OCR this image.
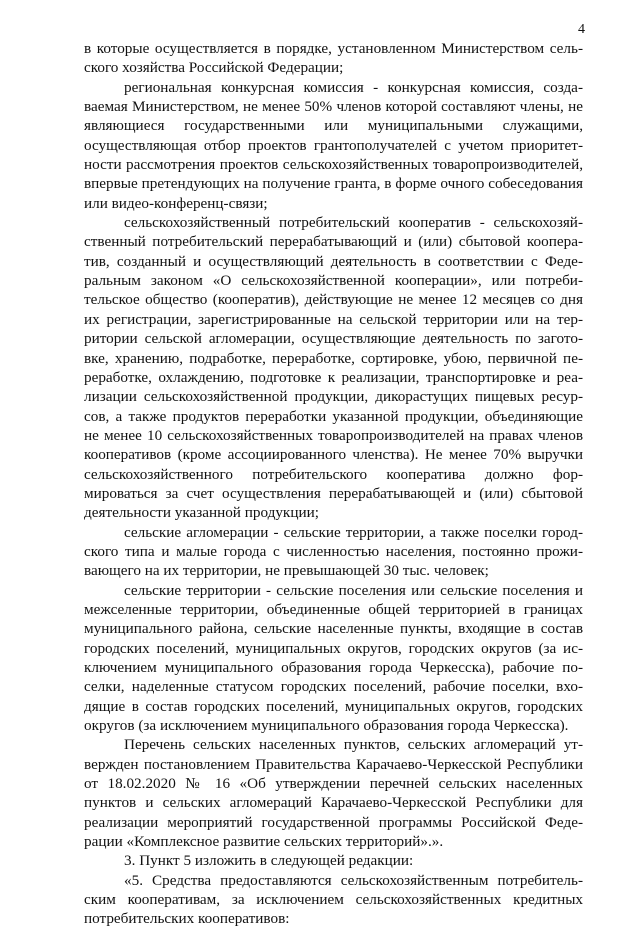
4

в которые осуществляется в порядке, установленном Министерством сельского хозяйства Российской Федерации;

региональная конкурсная комиссия - конкурсная комиссия, создаваемая Министерством, не менее 50% членов которой составляют члены, не являющиеся государственными или муниципальными служащими, осуществляющая отбор проектов грантополучателей с учетом приоритетности рассмотрения проектов сельскохозяйственных товаропроизводителей, впервые претендующих на получение гранта, в форме очного собеседования или видео-конференц-связи;

сельскохозяйственный потребительский кооператив - сельскохозяйственный потребительский перерабатывающий и (или) сбытовой кооператив, созданный и осуществляющий деятельность в соответствии с Федеральным законом «О сельскохозяйственной кооперации», или потребительское общество (кооператив), действующие не менее 12 месяцев со дня их регистрации, зарегистрированные на сельской территории или на территории сельской агломерации, осуществляющие деятельность по заготовке, хранению, подработке, переработке, сортировке, убою, первичной переработке, охлаждению, подготовке к реализации, транспортировке и реализации сельскохозяйственной продукции, дикорастущих пищевых ресурсов, а также продуктов переработки указанной продукции, объединяющие не менее 10 сельскохозяйственных товаропроизводителей на правах членов кооперативов (кроме ассоциированного членства). Не менее 70% выручки сельскохозяйственного потребительского кооператива должно формироваться за счет осуществления перерабатывающей и (или) сбытовой деятельности указанной продукции;

сельские агломерации - сельские территории, а также поселки городского типа и малые города с численностью населения, постоянно проживающего на их территории, не превышающей 30 тыс. человек;

сельские территории - сельские поселения или сельские поселения и межселенные территории, объединенные общей территорией в границах муниципального района, сельские населенные пункты, входящие в состав городских поселений, муниципальных округов, городских округов (за исключением муниципального образования города Черкесска), рабочие поселки, наделенные статусом городских поселений, рабочие поселки, входящие в состав городских поселений, муниципальных округов, городских округов (за исключением муниципального образования города Черкесска).

Перечень сельских населенных пунктов, сельских агломераций утвержден постановлением Правительства Карачаево-Черкесской Республики от 18.02.2020 № 16 «Об утверждении перечней сельских населенных пунктов и сельских агломераций Карачаево-Черкесской Республики для реализации мероприятий государственной программы Российской Федерации «Комплексное развитие сельских территорий».».

3. Пункт 5 изложить в следующей редакции:

«5. Средства предоставляются сельскохозяйственным потребительским кооперативам, за исключением сельскохозяйственных кредитных потребительских кооперативов:
